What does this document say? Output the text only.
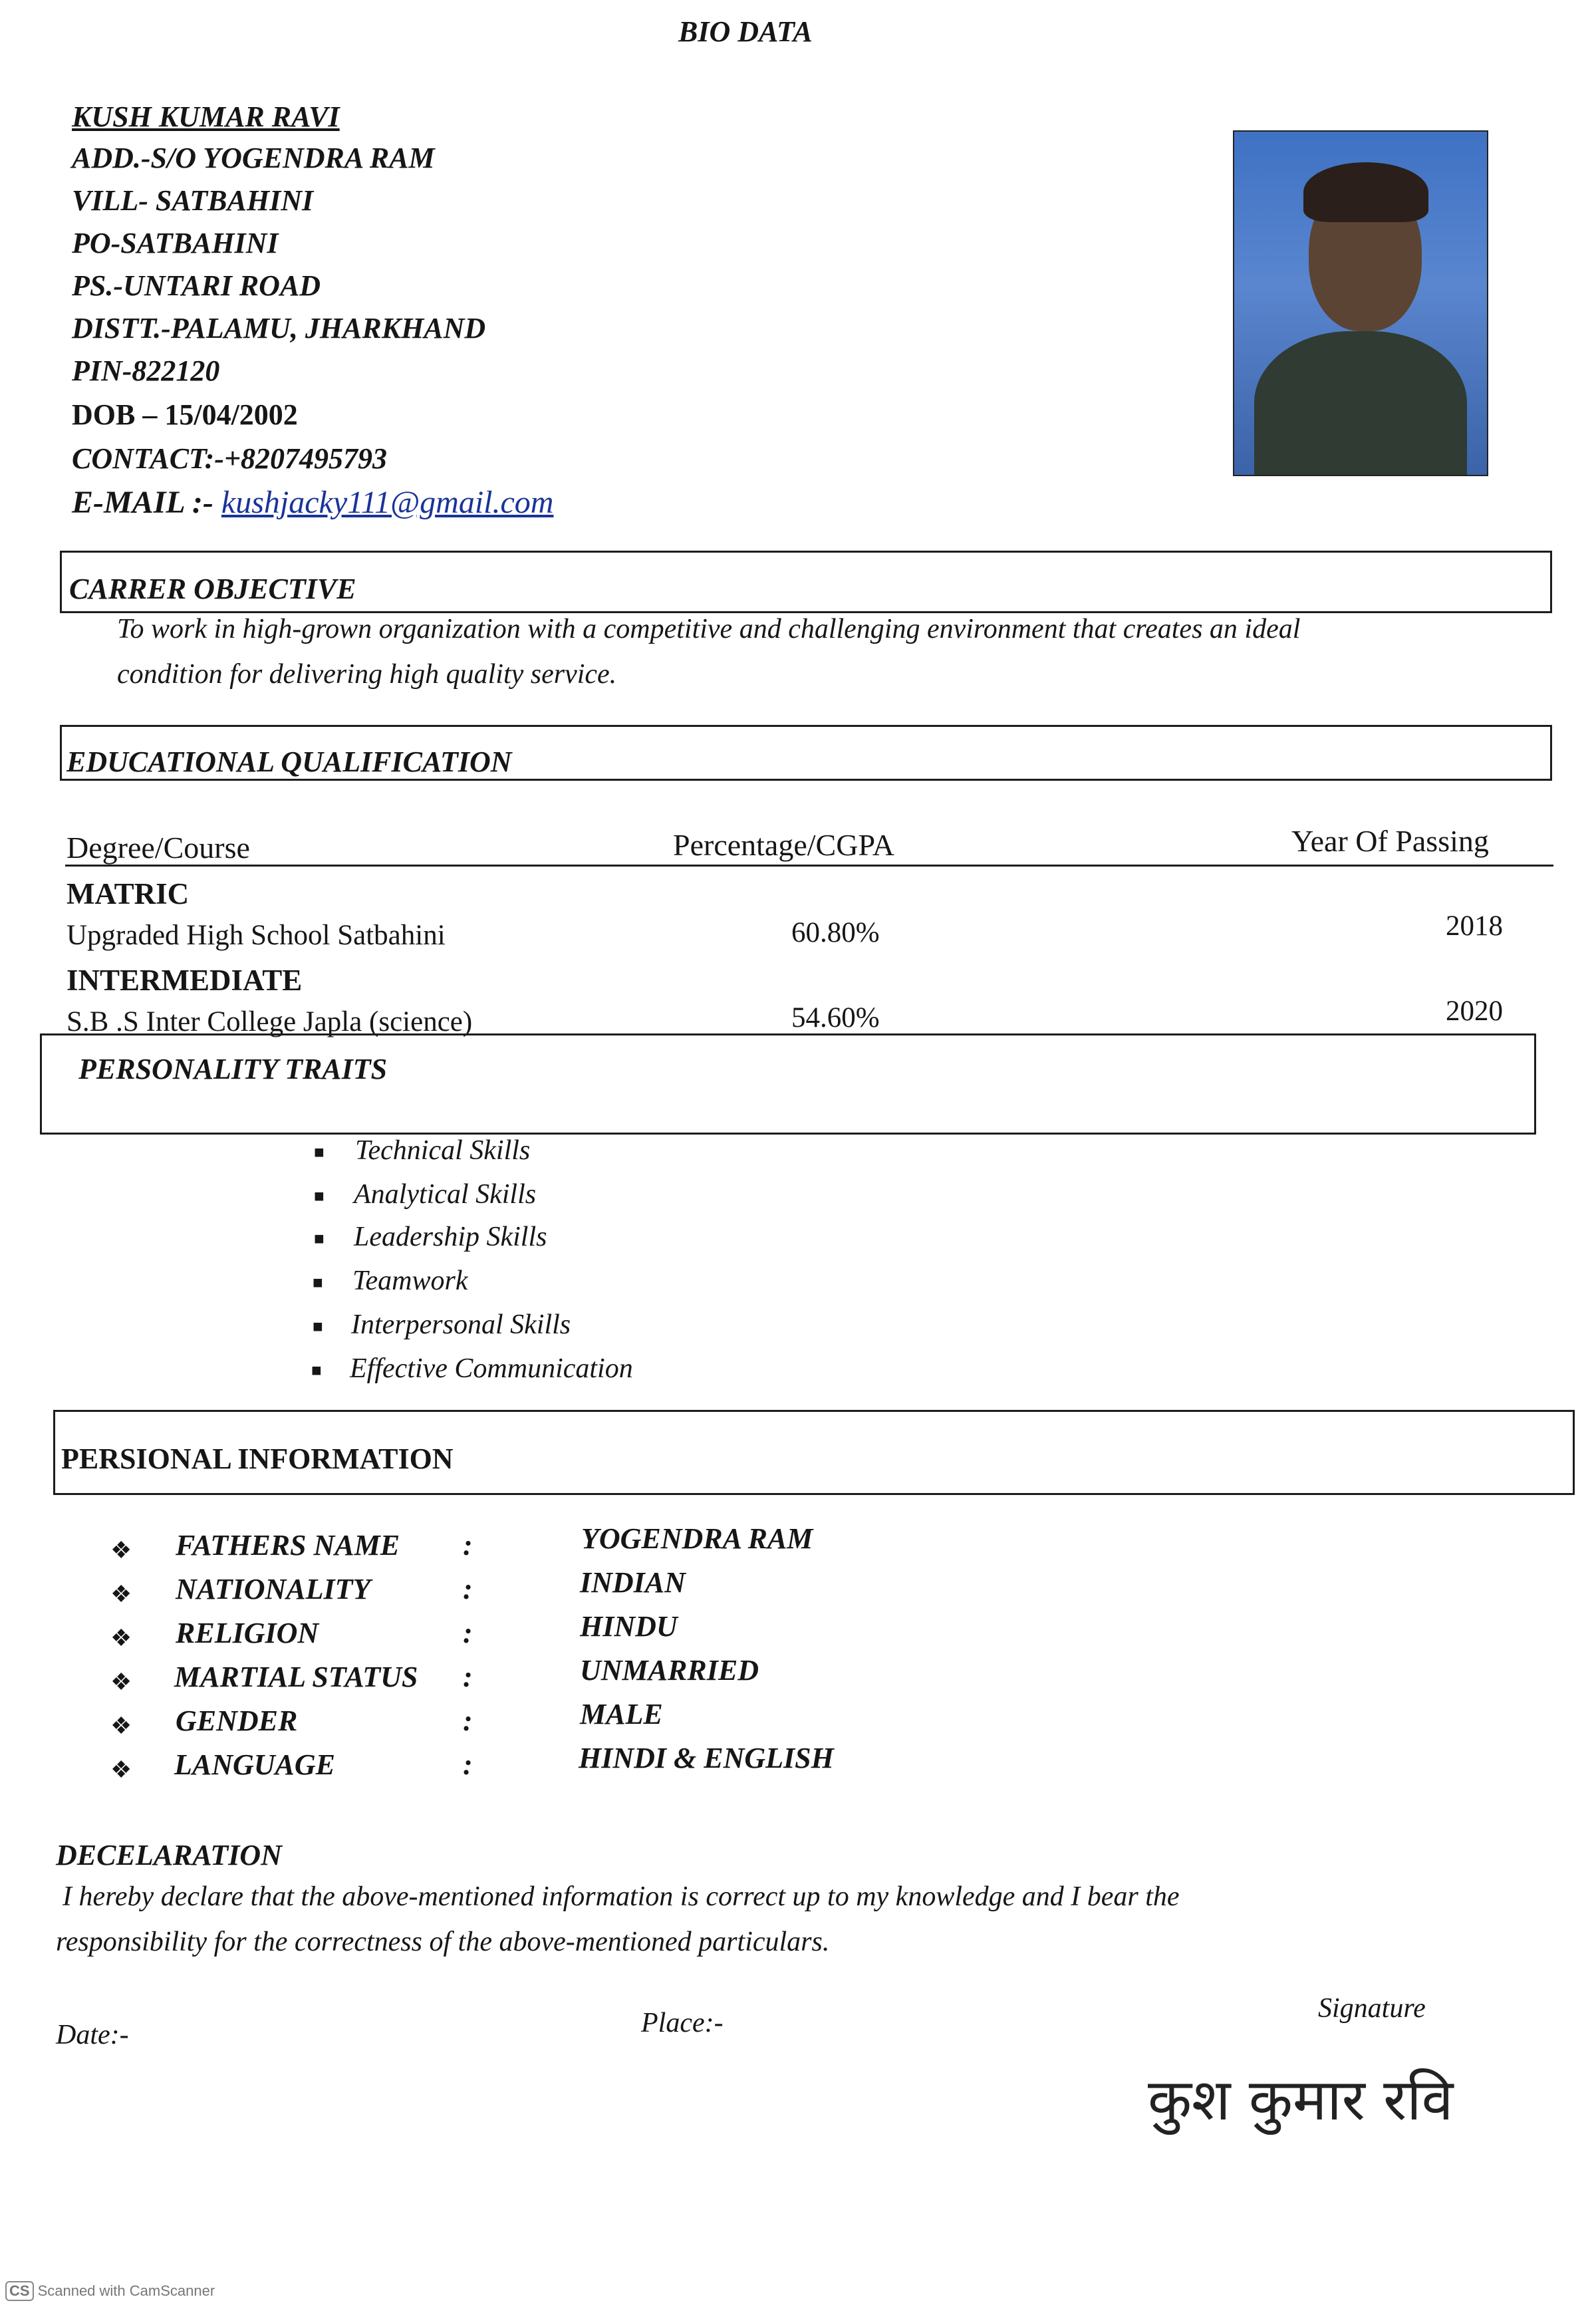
BIO DATA
KUSH KUMAR RAVI
ADD.-S/O YOGENDRA RAM
VILL- SATBAHINI
PO-SATBAHINI
PS.-UNTARI ROAD
DISTT.-PALAMU, JHARKHAND
PIN-822120
DOB – 15/04/2002
CONTACT:-+8207495793
E-MAIL :- kushjacky111@gmail.com
CARRER OBJECTIVE
To work in high-grown organization with a competitive and challenging environment that creates an ideal
condition for delivering high quality service.
EDUCATIONAL QUALIFICATION
Degree/Course	Percentage/CGPA	Year Of Passing
MATRIC
Upgraded High School Satbahini	60.80%	2018
INTERMEDIATE
S.B .S Inter College Japla (science)	54.60%	2020
PERSONALITY TRAITS
■ Technical Skills
■ Analytical Skills
■ Leadership Skills
■ Teamwork
■ Interpersonal Skills
■ Effective Communication
PERSIONAL INFORMATION
❖ FATHERS NAME :	YOGENDRA RAM
❖ NATIONALITY	:	INDIAN
❖ RELIGION	:	HINDU
❖ MARTIAL STATUS :	UNMARRIED
❖ GENDER	:	MALE
❖ LANGUAGE	:	HINDI & ENGLISH
DECELARATION
I hereby declare that the above-mentioned information is correct up to my knowledge and I bear the
responsibility for the correctness of the above-mentioned particulars.
Date:-	Place:-	Signature
कुश कुमार रवि
CS Scanned with CamScanner
